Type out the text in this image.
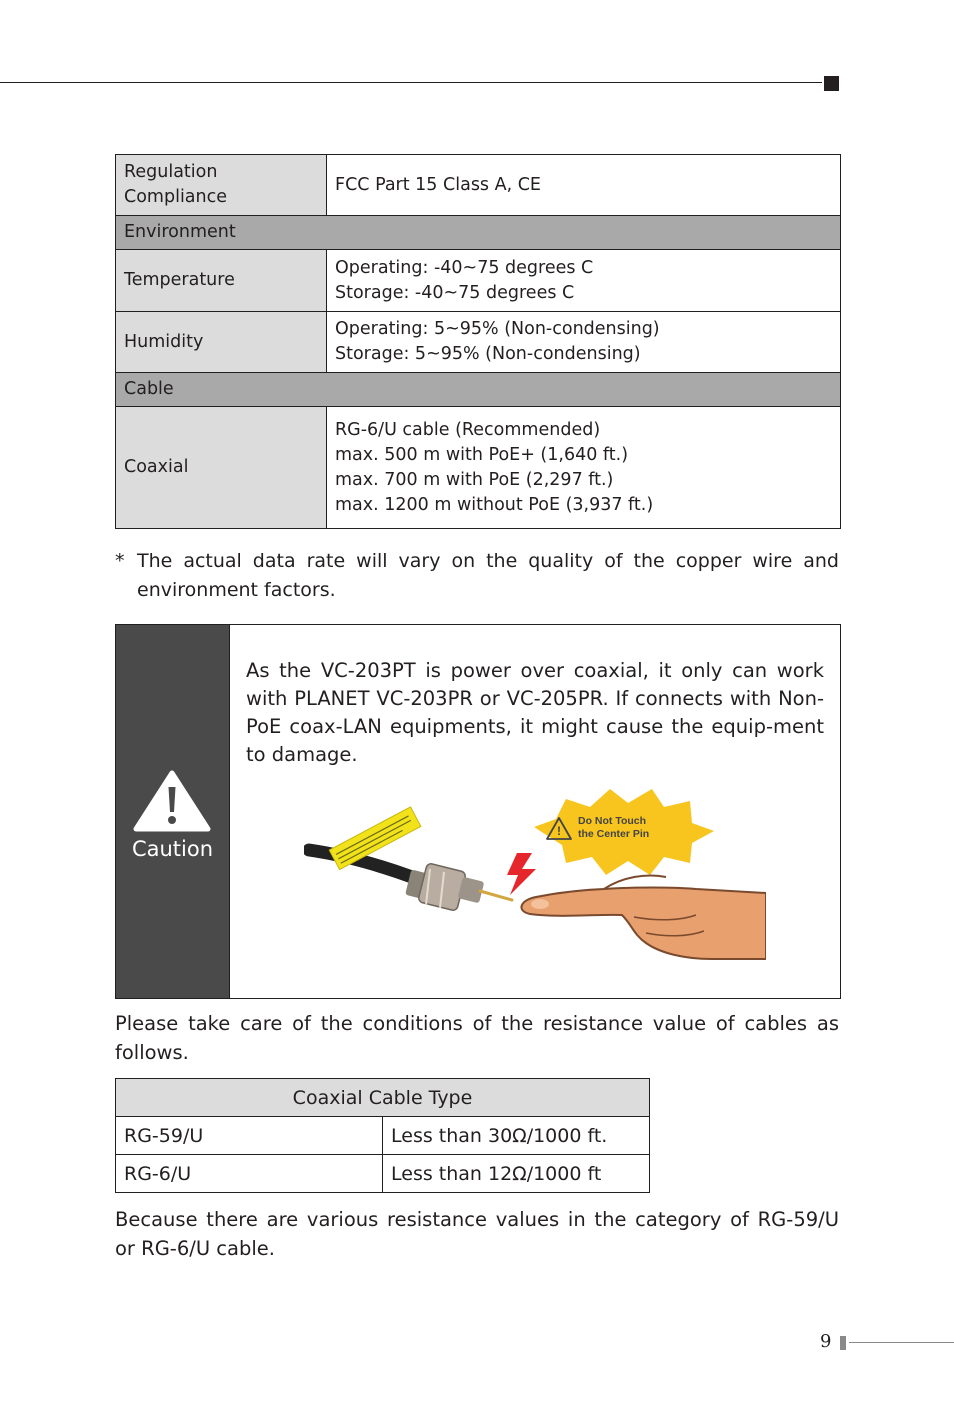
Regulation
Compliance	FCC Part 15 Class A, CE

Environment	

Temperature	Operating: -40~75 degrees C
Storage: -40~75 degrees C

Humidity	Operating: 5~95% (Non-condensing)
Storage: 5~95% (Non-condensing)

Cable	

Coaxial	RG-6/U cable (Recommended)
max. 500 m with PoE+ (1,640 ft.)
max. 700 m with PoE (2,297 ft.)
max. 1200 m without PoE (3,937 ft.)
* The actual data rate will vary on the quality of the copper wire and environment factors.
Caution
As the VC-203PT is power over coaxial, it only can work with PLANET VC-203PR or VC-205PR. If connects with Non-PoE coax-LAN equipments, it might cause the equip-ment to damage.
!
Do Not Touch
the Center Pin
Please take care of the conditions of the resistance value of cables as follows.
Coaxial Cable Type	
RG-59/U	Less than 30Ω/1000 ft.
RG-6/U	Less than 12Ω/1000 ft
Because there are various resistance values in the category of RG-59/U or RG-6/U cable.
9
